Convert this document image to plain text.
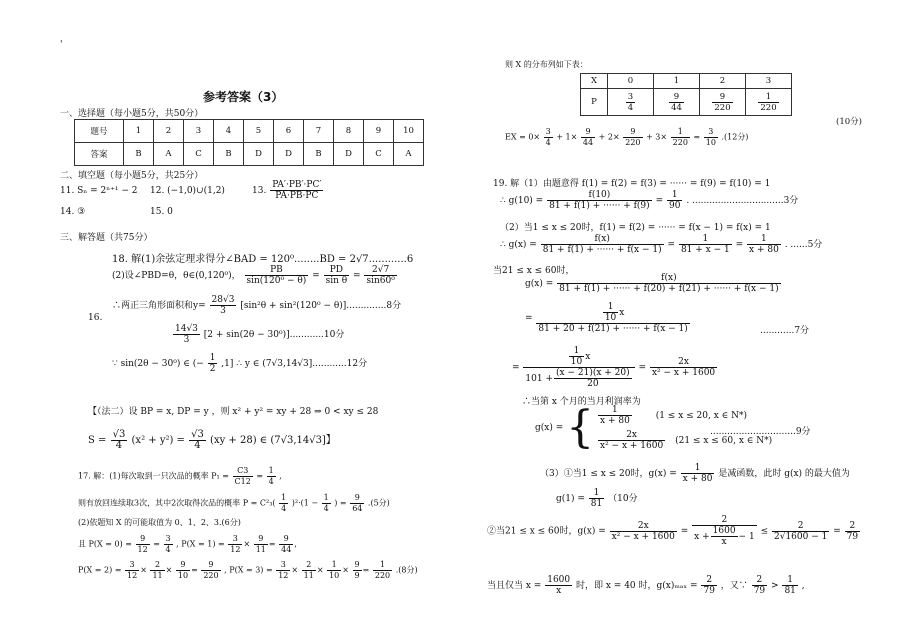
'
参考答案（3）
一、选择题（每小题5分，共50分）
题号	1	2	3	4	5	6	7	8	9	10
答案	B	A	C	B	D	D	B	D	C	A
二、填空题（每小题5分，共25分）
11. Sₙ = 2ⁿ⁺¹ − 2 12. (−1,0)∪(1,2)	13. $\frac{PA'\cdot PB'\cdot PC'}{PA\cdot PB\cdot PC}$
14. ③	15. 0
三、解答题（共75分）
18. 解(1)余弦定理求得分∠BAD = 120⁰........BD = 2√7............6
(2)设∠PBD=θ，θ∈(0,120⁰)， $\frac{PB}{\text{sin(120⁰ − θ)}} = \frac{PD}{\text{sin θ}} = \frac{2√7}{\text{sin60⁰}}$
∴两正三角形面积和$y= \frac{28√3}{3} [\sin^2\theta + \sin^2(120^0 - \theta)]..............8$分
16.
$\frac{14√3}{3} [2 + \sin(2\theta - 30^0)]............10$分
∵ sin(2θ − 30⁰) ∈ (− $\frac{1}{2} ,1$] ∴ y ∈ (7√3,14√3]............12分
【（法二）设 BP = x, DP = y ，则 x² + y² = xy + 28 ⇒ 0 < xy ≤ 28
$S = \frac{√3}{4} (x^2 + y^2) = \frac{√3}{4} (xy + 28)$ ∈ (7√3,14√3]】
17. 解：(1)每次取到一只次品的概率 $P_1 = \frac{C3}{C12} = \frac{1}{4}$ ,
则有放回连续取3次，其中2次取得次品的概率 $P = C^2_3( \frac{1}{4} )^2\cdot(1 - \frac{1}{4}$ ) = $\frac{9}{64} .(5$分)
(2)依题知 X 的可能取值为 0、1、2、3.(6分)
且 $P(X = 0) = \frac{9}{12} = \frac{3}{4}$ , $P(X = 1) = \frac{3}{12} \times \frac{9}{11} = \frac{9}{44}$ ,
$P(X = 2) = \frac{3}{12} \times \frac{2}{11} \times \frac{9}{10} = \frac{9}{220}$ , $P(X = 3) = \frac{3}{12} \times \frac{2}{11} \times \frac{1}{10} \times \frac{9}{9} = \frac{1}{220} .(8$分)
则 X 的分布列如下表：
X	0	1	2	3
P	$\frac{3}{4}$	$\frac{9}{44}$	$\frac{9}{220}$	$\frac{1}{220}$
(10分)
EX = $0\times \frac{3}{4} + 1\times \frac{9}{44} + 2\times \frac{9}{220} + 3\times \frac{1}{220} = \frac{3}{10} .(12$分)
19. 解（1）由题意得 f(1) = f(2) = f(3) = ······ = f(9) = f(10) = 1
∴ $g(10) = \frac{f(10)}{81 + f(1) + \cdot\cdot\cdot\cdot\cdot\cdot + f(9)} = \frac{1}{90}$ . ................................3分
（2）当1 ≤ x ≤ 20时，f(1) = f(2) = ······ = f(x − 1) = f(x) = 1
∴ $g(x) = \frac{f(x)}{81 + f(1) + \cdot\cdot\cdot\cdot\cdot\cdot + f(x - 1)} = \frac{1}{81 + x - 1} = \frac{1}{x + 80}$ . ......5分
当21 ≤ x ≤ 60时，
$g(x) = \frac{f(x)}{81 + f(1) + \cdot\cdot\cdot\cdot\cdot\cdot + f(20) + f(21) + \cdot\cdot\cdot\cdot\cdot\cdot + f(x - 1)}$
= $\frac{\frac{1}{10} x}{81 + 20 + f(21) + \cdot\cdot\cdot\cdot\cdot\cdot + f(x - 1)}$	............7分
= $\frac{\frac{1}{10} x}{101 + \frac{(x - 21)(x + 20)}{20}} = \frac{2x}{\text{x² − x + 1600}}$
∴当第 x 个月的当月利润率为
g(x) = { $\frac{1}{x + 80}$	(1 ≤ x ≤ 20, x ∈ N*)
$\frac{2x}{\text{x² − x + 1600}} (21 \le x \le 60$, x ∈ N*)
..............................9分
（3）①当1 ≤ x ≤ 20时，$g(x) = \frac{1}{x + 80}$ 是减函数，此时 g(x) 的最大值为
$g(1) = \frac{1}{81} (10$分
②当21 ≤ x ≤ 60时，$g(x) = \frac{2x}{\text{x² − x + 1600}} = \frac{2}{x + \frac{1600}{x} - 1} \le \frac{2}{2√1600 - 1} = \frac{2}{79}$
当且仅当 $x = \frac{1600}{x}$ 时，即 x = 40 时，$g(x)_{max} = \frac{2}{79}$ ，又∵ $\frac{2}{79} > \frac{1}{81}$ ,
